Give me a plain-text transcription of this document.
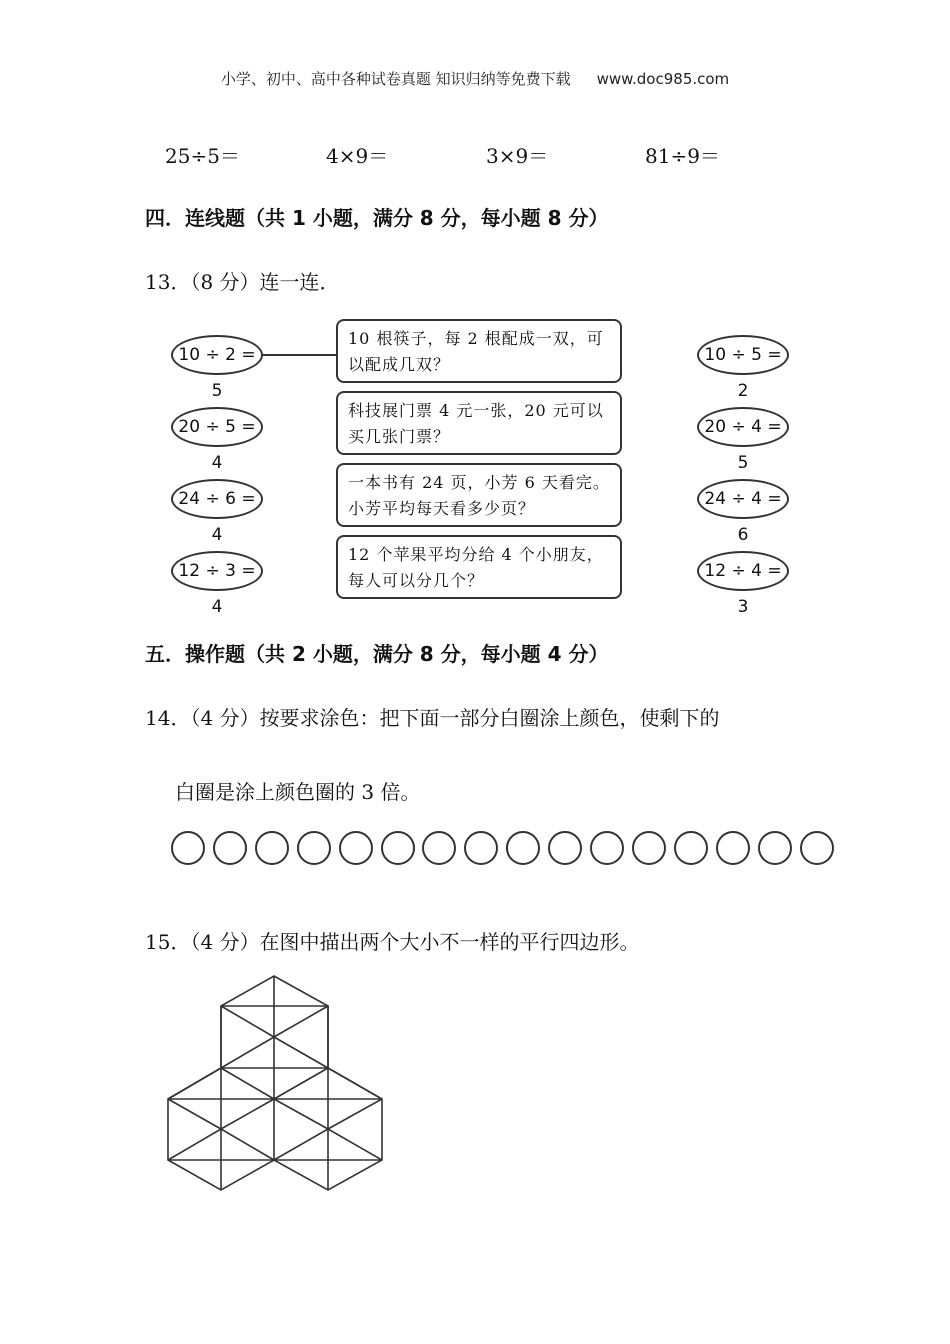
小学、初中、高中各种试卷真题 知识归纳等免费下载 www.doc985.com
25÷5＝	4×9＝	3×9＝	81÷9＝
四．连线题（共 1 小题，满分 8 分，每小题 8 分）
13．（8 分）连一连．
10 ÷ 2 = 5
20 ÷ 5 = 4
24 ÷ 6 = 4
12 ÷ 3 = 4
10 根筷子，每 2 根配成一双，可以配成几双？
科技展门票 4 元一张，20 元可以买几张门票？
一本书有 24 页，小芳 6 天看完。小芳平均每天看多少页？
12 个苹果平均分给 4 个小朋友，每人可以分几个？
10 ÷ 5 = 2
20 ÷ 4 = 5
24 ÷ 4 = 6
12 ÷ 4 = 3
五．操作题（共 2 小题，满分 8 分，每小题 4 分）
14．（4 分）按要求涂色：把下面一部分白圈涂上颜色，使剩下的
白圈是涂上颜色圈的 3 倍。
15．（4 分）在图中描出两个大小不一样的平行四边形。
